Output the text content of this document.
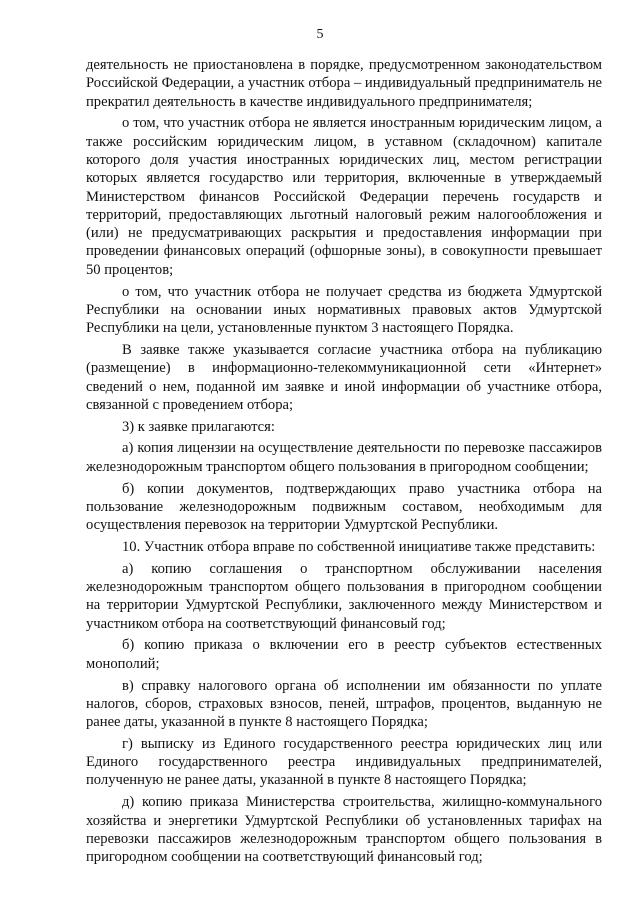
5

деятельность не приостановлена в порядке, предусмотренном законодательством Российской Федерации, а участник отбора – индивидуальный предприниматель не прекратил деятельность в качестве индивидуального предпринимателя;

о том, что участник отбора не является иностранным юридическим лицом, а также российским юридическим лицом, в уставном (складочном) капитале которого доля участия иностранных юридических лиц, местом регистрации которых является государство или территория, включенные в утверждаемый Министерством финансов Российской Федерации перечень государств и территорий, предоставляющих льготный налоговый режим налогообложения и (или) не предусматривающих раскрытия и предоставления информации при проведении финансовых операций (офшорные зоны), в совокупности превышает 50 процентов;

о том, что участник отбора не получает средства из бюджета Удмуртской Республики на основании иных нормативных правовых актов Удмуртской Республики на цели, установленные пунктом 3 настоящего Порядка.

В заявке также указывается согласие участника отбора на публикацию (размещение) в информационно-телекоммуникационной сети «Интернет» сведений о нем, поданной им заявке и иной информации об участнике отбора, связанной с проведением отбора;

3) к заявке прилагаются:

а) копия лицензии на осуществление деятельности по перевозке пассажиров железнодорожным транспортом общего пользования в пригородном сообщении;

б) копии документов, подтверждающих право участника отбора на пользование железнодорожным подвижным составом, необходимым для осуществления перевозок на территории Удмуртской Республики.

10. Участник отбора вправе по собственной инициативе также представить:

а) копию соглашения о транспортном обслуживании населения железнодорожным транспортом общего пользования в пригородном сообщении на территории Удмуртской Республики, заключенного между Министерством и участником отбора на соответствующий финансовый год;

б) копию приказа о включении его в реестр субъектов естественных монополий;

в) справку налогового органа об исполнении им обязанности по уплате налогов, сборов, страховых взносов, пеней, штрафов, процентов, выданную не ранее даты, указанной в пункте 8 настоящего Порядка;

г) выписку из Единого государственного реестра юридических лиц или Единого государственного реестра индивидуальных предпринимателей, полученную не ранее даты, указанной в пункте 8 настоящего Порядка;

д) копию приказа Министерства строительства, жилищно-коммунального хозяйства и энергетики Удмуртской Республики об установленных тарифах на перевозки пассажиров железнодорожным транспортом общего пользования в пригородном сообщении на соответствующий финансовый год;
